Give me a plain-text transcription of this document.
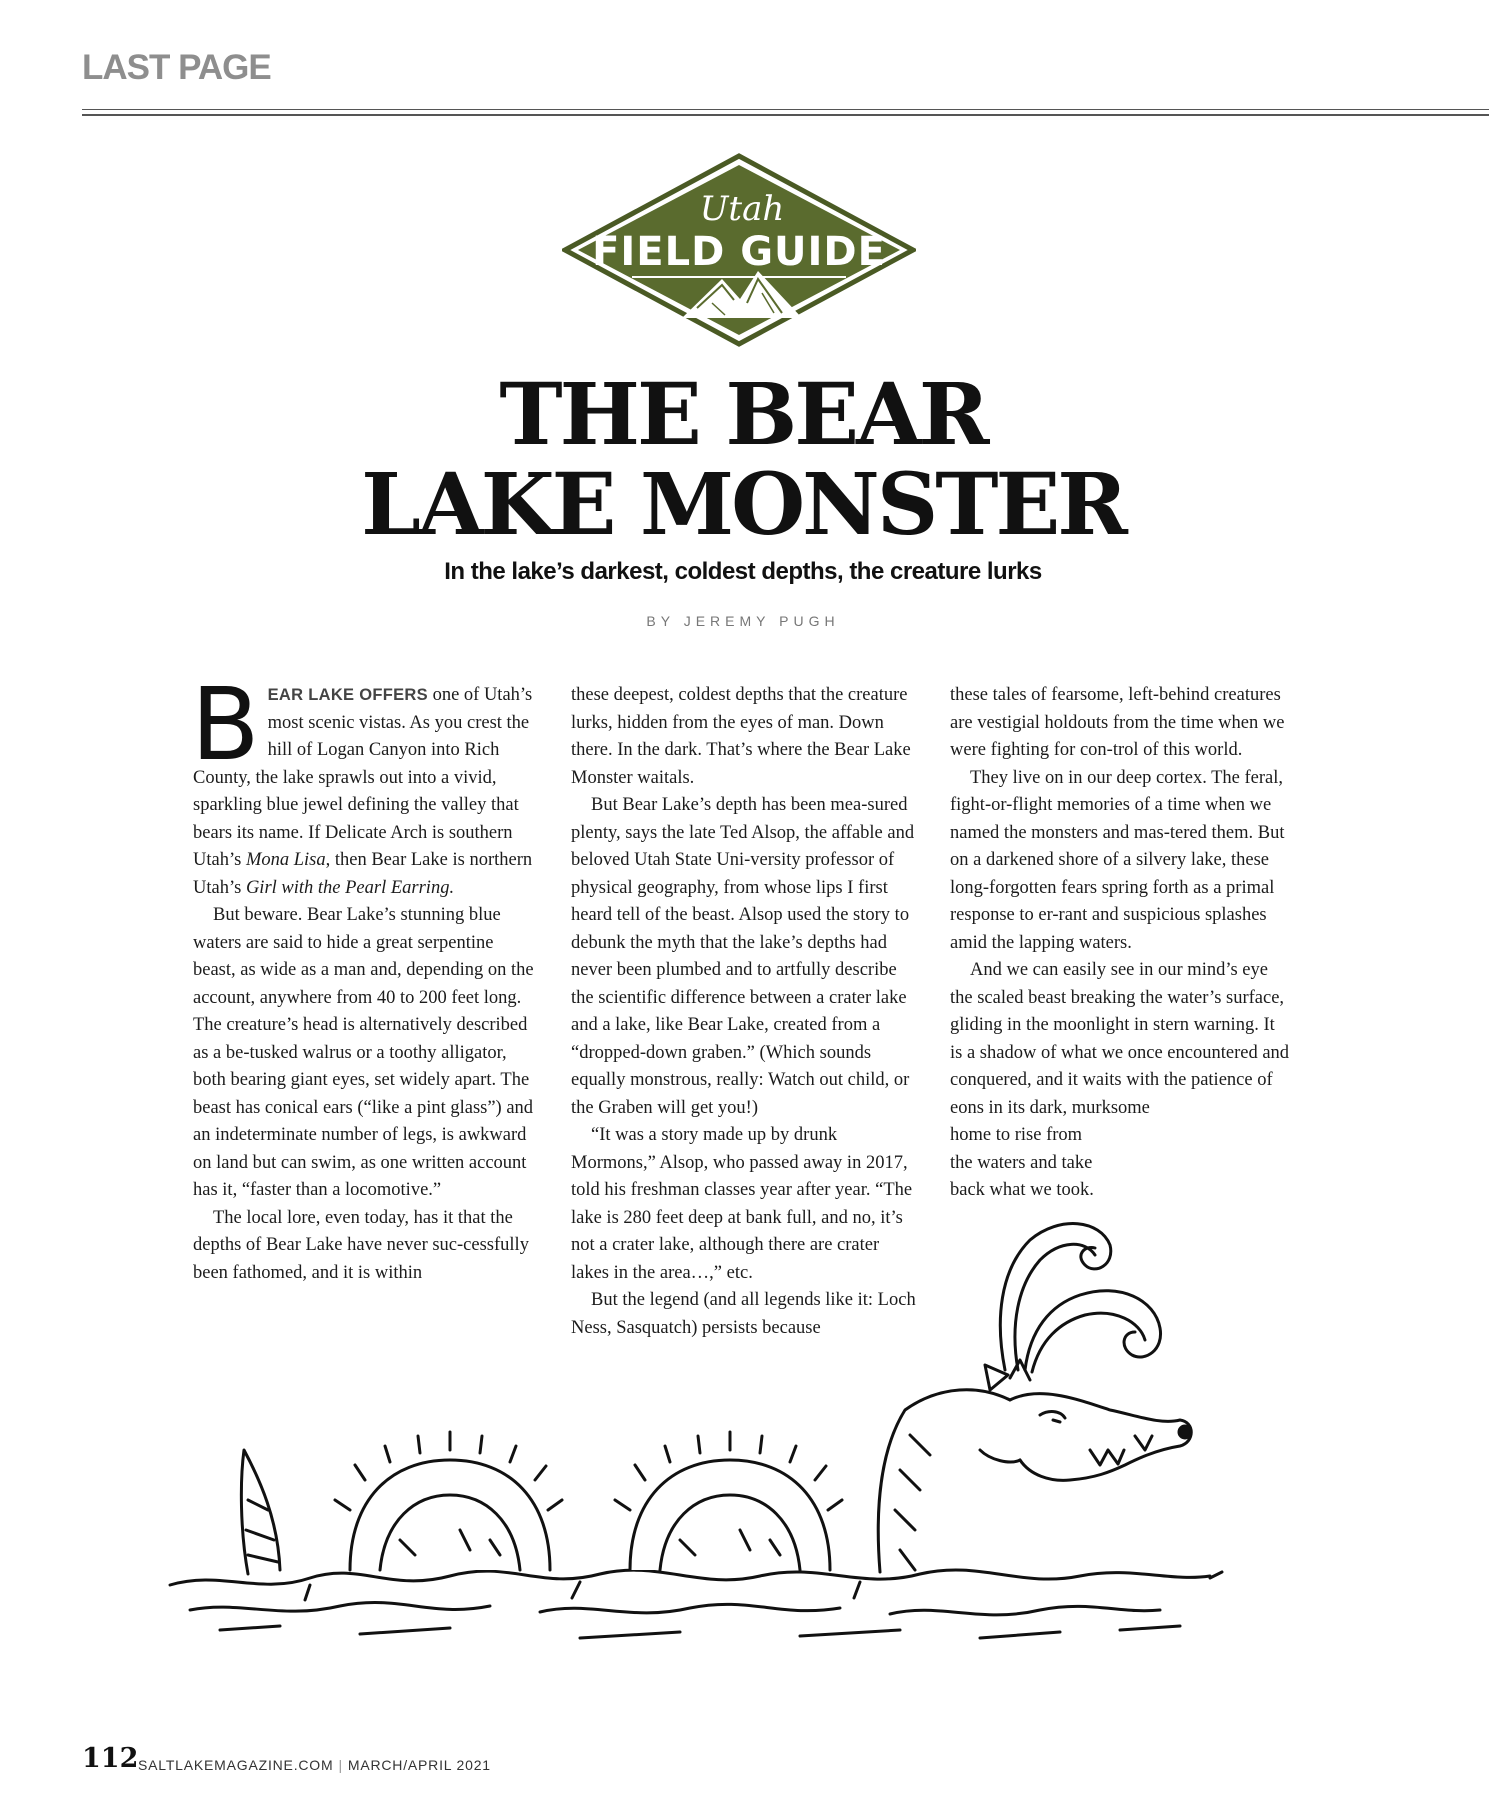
LAST PAGE
Utah
FIELD GUIDE
THE BEAR
LAKE MONSTER
In the lake’s darkest, coldest depths, the creature lurks
BY JEREMY PUGH

BEAR LAKE OFFERS one of Utah’s most scenic vistas. As you crest the hill of Logan Canyon into Rich County, the lake sprawls out into a vivid, sparkling blue jewel defining the valley that bears its name. If Delicate Arch is southern Utah’s Mona Lisa, then Bear Lake is northern Utah’s Girl with the Pearl Earring.

But beware. Bear Lake’s stunning blue waters are said to hide a great serpentine beast, as wide as a man and, depending on the account, anywhere from 40 to 200 feet long. The creature’s head is alternatively described as a be-tusked walrus or a toothy alligator, both bearing giant eyes, set widely apart. The beast has conical ears (“like a pint glass”) and an indeterminate number of legs, is awkward on land but can swim, as one written account has it, “faster than a locomotive.”

The local lore, even today, has it that the depths of Bear Lake have never suc-cessfully been fathomed, and it is within

these deepest, coldest depths that the creature lurks, hidden from the eyes of man. Down there. In the dark. That’s where the Bear Lake Monster waitals.

But Bear Lake’s depth has been mea-sured plenty, says the late Ted Alsop, the affable and beloved Utah State Uni-versity professor of physical geography, from whose lips I first heard tell of the beast. Alsop used the story to debunk the myth that the lake’s depths had never been plumbed and to artfully describe the scientific difference between a crater lake and a lake, like Bear Lake, created from a “dropped-down graben.” (Which sounds equally monstrous, really: Watch out child, or the Graben will get you!)

“It was a story made up by drunk Mormons,” Alsop, who passed away in 2017, told his freshman classes year after year. “The lake is 280 feet deep at bank full, and no, it’s not a crater lake, although there are crater lakes in the area…,” etc.

But the legend (and all legends like it: Loch Ness, Sasquatch) persists because

these tales of fearsome, left-behind creatures are vestigial holdouts from the time when we were fighting for con-trol of this world.

They live on in our deep cortex. The feral, fight-or-flight memories of a time when we named the monsters and mas-tered them. But on a darkened shore of a silvery lake, these long-forgotten fears spring forth as a primal response to er-rant and suspicious splashes amid the lapping waters.

And we can easily see in our mind’s eye the scaled beast breaking the water’s surface, gliding in the moonlight in stern warning. It is a shadow of what we once encountered and conquered, and it waits with the patience of eons in its dark, murksome

home to rise from the waters and take back what we took.

112 SALTLAKEMAGAZINE.COM | MARCH/APRIL 2021
